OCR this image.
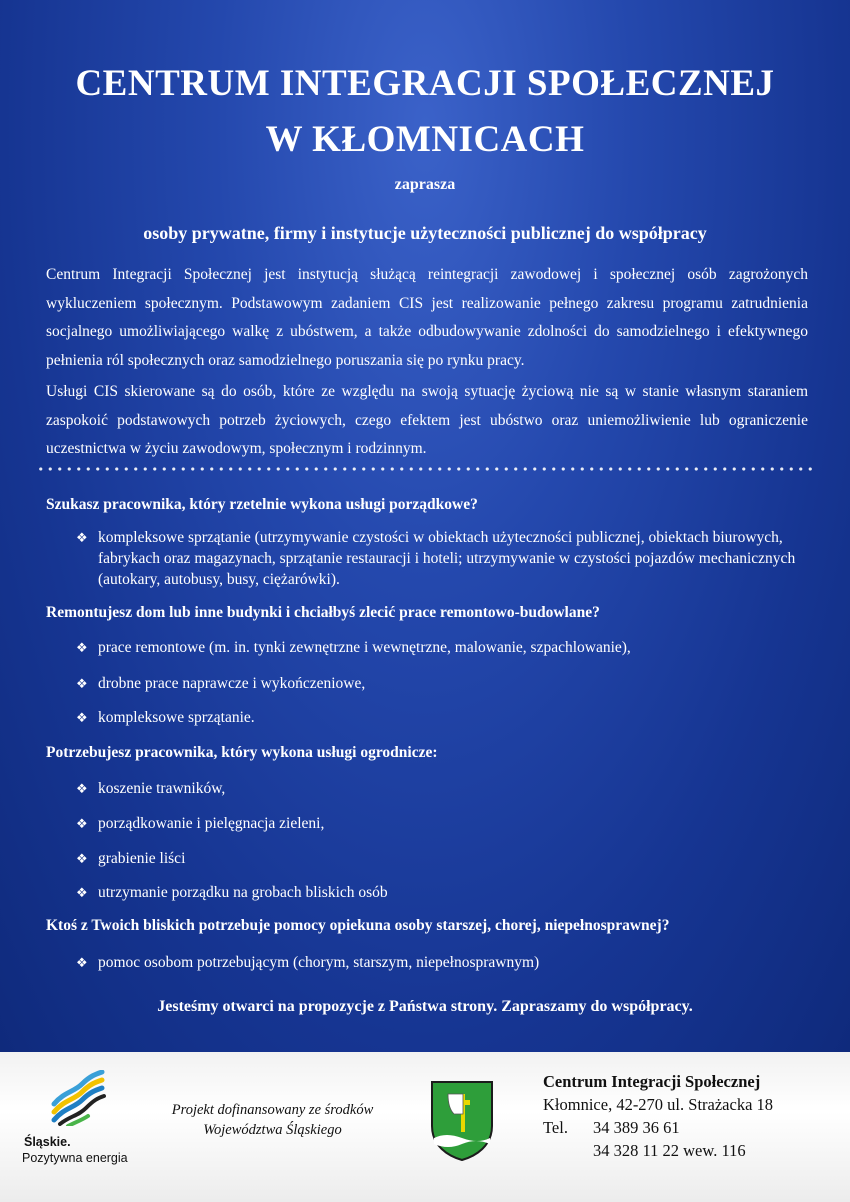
CENTRUM INTEGRACJI SPOŁECZNEJ
W KŁOMNICACH
zaprasza
osoby prywatne, firmy i instytucje użyteczności publicznej do współpracy
Centrum Integracji Społecznej jest instytucją służącą reintegracji zawodowej i społecznej osób zagrożonych wykluczeniem społecznym. Podstawowym zadaniem CIS jest realizowanie pełnego zakresu programu zatrudnienia socjalnego umożliwiającego walkę z ubóstwem, a także odbudowywanie zdolności do samodzielnego i efektywnego pełnienia ról społecznych oraz samodzielnego poruszania się po rynku pracy.
Usługi CIS skierowane są do osób, które ze względu na swoją sytuację życiową nie są w stanie własnym staraniem zaspokoić podstawowych potrzeb życiowych, czego efektem jest ubóstwo oraz uniemożliwienie lub ograniczenie uczestnictwa w życiu zawodowym, społecznym i rodzinnym.
Szukasz pracownika, który rzetelnie wykona usługi porządkowe?
❖ kompleksowe sprzątanie (utrzymywanie czystości w obiektach użyteczności publicznej, obiektach biurowych, fabrykach oraz magazynach, sprzątanie restauracji i hoteli; utrzymywanie w czystości pojazdów mechanicznych (autokary, autobusy, busy, ciężarówki).
Remontujesz dom lub inne budynki i chciałbyś zlecić prace remontowo-budowlane?
❖ prace remontowe (m. in. tynki zewnętrzne i wewnętrzne, malowanie, szpachlowanie),
❖ drobne prace naprawcze i wykończeniowe,
❖ kompleksowe sprzątanie.
Potrzebujesz pracownika, który wykona usługi ogrodnicze:
❖ koszenie trawników,
❖ porządkowanie i pielęgnacja zieleni,
❖ grabienie liści
❖ utrzymanie porządku na grobach bliskich osób
Ktoś z Twoich bliskich potrzebuje pomocy opiekuna osoby starszej, chorej, niepełnosprawnej?
❖ pomoc osobom potrzebującym (chorym, starszym, niepełnosprawnym)
Jesteśmy otwarci na propozycje z Państwa strony. Zapraszamy do współpracy.
Śląskie.
Pozytywna energia
Projekt dofinansowany ze środków
Województwa Śląskiego
Centrum Integracji Społecznej
Kłomnice, 42-270 ul. Strażacka 18
Tel. 34 389 36 61
34 328 11 22 wew. 116
